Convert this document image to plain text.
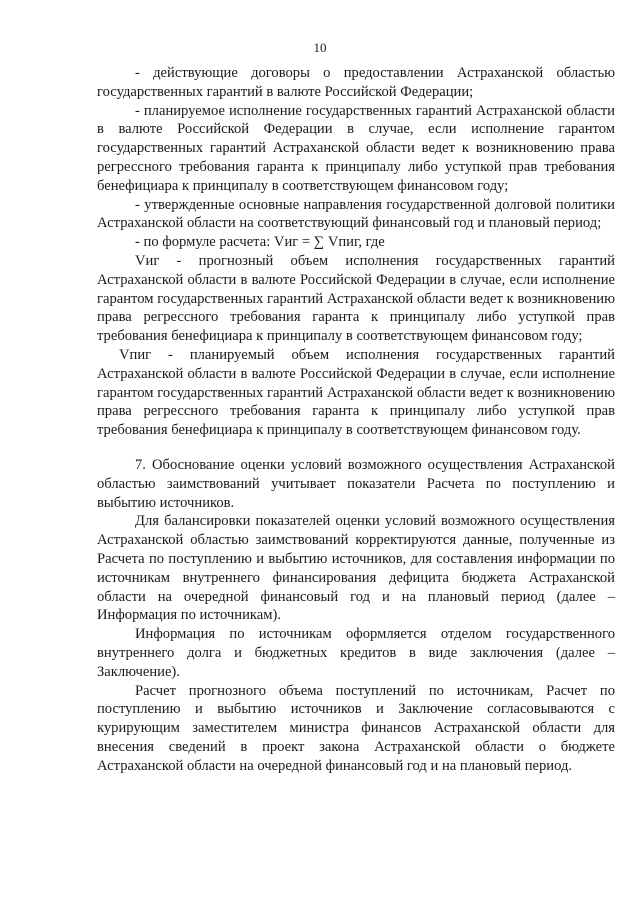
10

- действующие договоры о предоставлении Астраханской областью государственных гарантий в валюте Российской Федерации;

- планируемое исполнение государственных гарантий Астраханской области в валюте Российской Федерации в случае, если исполнение гарантом государственных гарантий Астраханской области ведет к возникновению права регрессного требования гаранта к принципалу либо уступкой прав требования бенефициара к принципалу в соответствующем финансовом году;

- утвержденные основные направления государственной долговой политики Астраханской области на соответствующий финансовый год и плановый период;

- по формуле расчета: Vиг = ∑ Vпиг, где

Vиг - прогнозный объем исполнения государственных гарантий Астраханской области в валюте Российской Федерации в случае, если исполнение гарантом государственных гарантий Астраханской области ведет к возникновению права регрессного требования гаранта к принципалу либо уступкой прав требования бенефициара к принципалу в соответствующем финансовом году;

Vпиг - планируемый объем исполнения государственных гарантий Астраханской области в валюте Российской Федерации в случае, если исполнение гарантом государственных гарантий Астраханской области ведет к возникновению права регрессного требования гаранта к принципалу либо уступкой прав требования бенефициара к принципалу в соответствующем финансовом году.

7. Обоснование оценки условий возможного осуществления Астраханской областью заимствований учитывает показатели Расчета по поступлению и выбытию источников.

Для балансировки показателей оценки условий возможного осуществления Астраханской областью заимствований корректируются данные, полученные из Расчета по поступлению и выбытию источников, для составления информации по источникам внутреннего финансирования дефицита бюджета Астраханской области на очередной финансовый год и на плановый период (далее – Информация по источникам).

Информация по источникам оформляется отделом государственного внутреннего долга и бюджетных кредитов в виде заключения (далее – Заключение).

Расчет прогнозного объема поступлений по источникам, Расчет по поступлению и выбытию источников и Заключение согласовываются с курирующим заместителем министра финансов Астраханской области для внесения сведений в проект закона Астраханской области о бюджете Астраханской области на очередной финансовый год и на плановый период.
